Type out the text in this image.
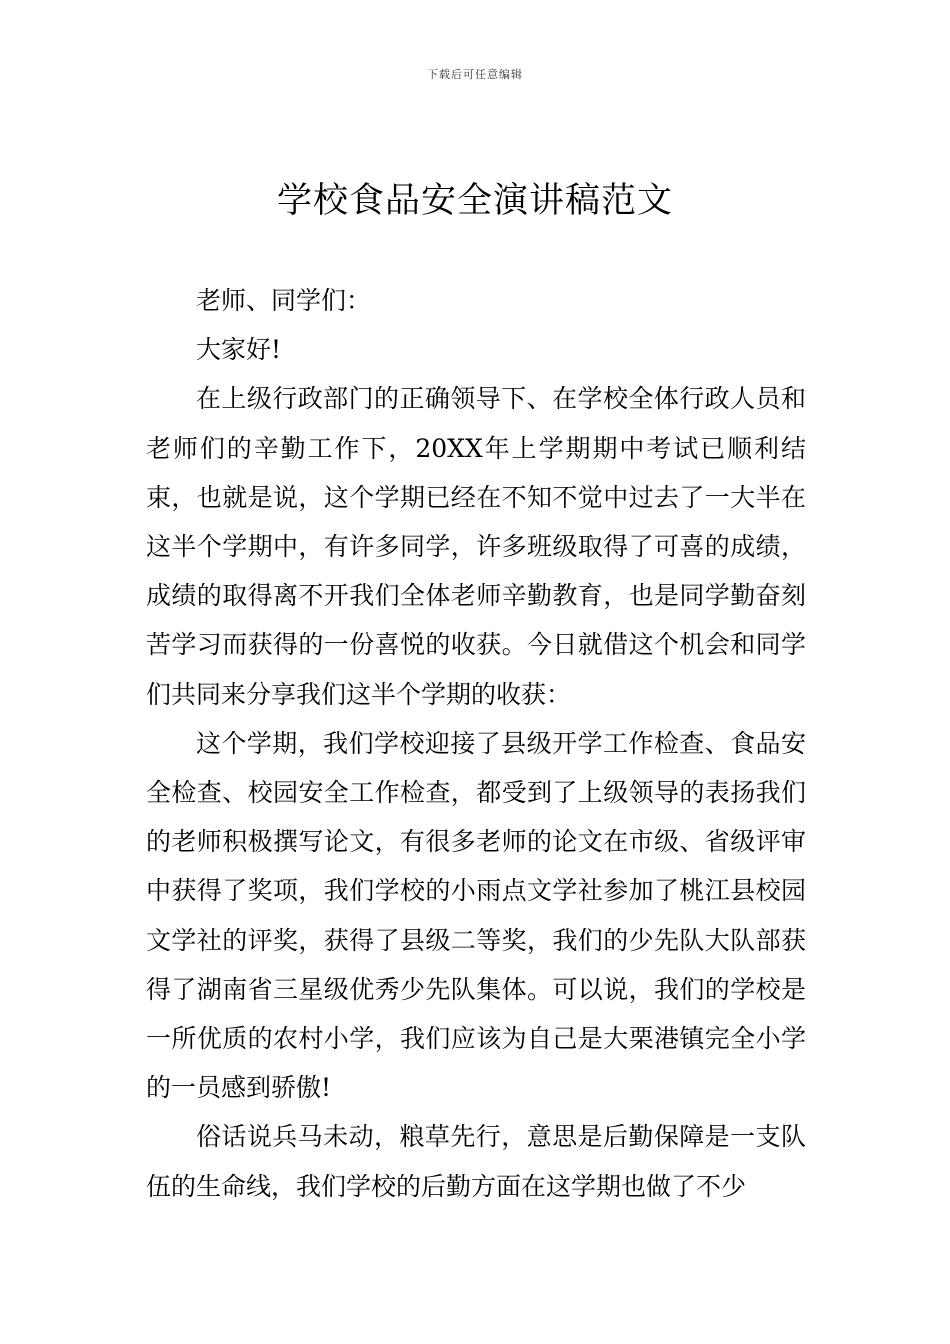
下载后可任意编辑
学校食品安全演讲稿范文

老师、同学们：

大家好!

在上级行政部门的正确领导下、在学校全体行政人员和老师们的辛勤工作下，20XX年上学期期中考试已顺利结束，也就是说，这个学期已经在不知不觉中过去了一大半在这半个学期中，有许多同学，许多班级取得了可喜的成绩，成绩的取得离不开我们全体老师辛勤教育，也是同学勤奋刻苦学习而获得的一份喜悦的收获。今日就借这个机会和同学们共同来分享我们这半个学期的收获：

这个学期，我们学校迎接了县级开学工作检查、食品安全检查、校园安全工作检查，都受到了上级领导的表扬我们的老师积极撰写论文，有很多老师的论文在市级、省级评审中获得了奖项，我们学校的小雨点文学社参加了桃江县校园文学社的评奖，获得了县级二等奖，我们的少先队大队部获得了湖南省三星级优秀少先队集体。可以说，我们的学校是一所优质的农村小学，我们应该为自己是大栗港镇完全小学的一员感到骄傲!

俗话说兵马未动，粮草先行，意思是后勤保障是一支队伍的生命线，我们学校的后勤方面在这学期也做了不少
